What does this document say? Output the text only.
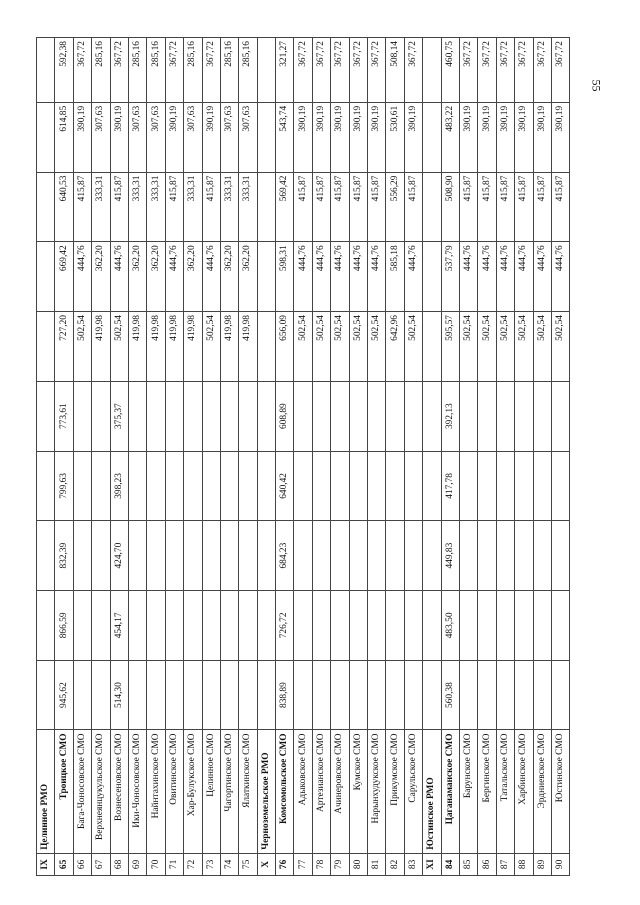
55
IX	Целинное РМО										
65	Троицкое СМО	945,62	866,59	832,39	799,63	773,61	727,20	669,42	640,53	614,85	592,38
66	Бага-Чоносовское СМО						502,54	444,76	415,87	390,19	367,72
67	Верхнеянцукульское СМО						419,98	362,20	333,31	307,63	285,16
68	Вознесеновское СМО	514,30	454,17	424,70	398,23	375,37	502,54	444,76	415,87	390,19	367,72
69	Ики-Чоносовское СМО						419,98	362,20	333,31	307,63	285,16
70	Найнтахинское СМО						419,98	362,20	333,31	307,63	285,16
71	Овитинское СМО						419,98	444,76	415,87	390,19	367,72
72	Хар-Булукское СМО						419,98	362,20	333,31	307,63	285,16
73	Целинное СМО						502,54	444,76	415,87	390,19	367,72
74	Чагортинское СМО						419,98	362,20	333,31	307,63	285,16
75	Ялаткинское СМО						419,98	362,20	333,31	307,63	285,16
X	Черноземельское РМО										
76	Комсомольское СМО	838,89	726,72	684,23	640,42	608,89	656,09	598,31	569,42	543,74	321,27
77	Адыковское СМО						502,54	444,76	415,87	390,19	367,72
78	Артезианское СМО						502,54	444,76	415,87	390,19	367,72
79	Ачинеровское СМО						502,54	444,76	415,87	390,19	367,72
80	Кумское СМО						502,54	444,76	415,87	390,19	367,72
81	Нарынхудукское СМО						502,54	444,76	415,87	390,19	367,72
82	Прикумское СМО						642,96	585,18	556,29	530,61	508,14
83	Сарульское СМО						502,54	444,76	415,87	390,19	367,72
XI	Юстинское РМО										
84	Цаганаманское СМО	560,38	483,50	449,83	417,78	392,13	595,57	537,79	508,90	483,22	460,75
85	Барунское СМО						502,54	444,76	415,87	390,19	367,72
86	Бергинское СМО						502,54	444,76	415,87	390,19	367,72
87	Татальское СМО						502,54	444,76	415,87	390,19	367,72
88	Харбинское СМО						502,54	444,76	415,87	390,19	367,72
89	Эрдниевское СМО						502,54	444,76	415,87	390,19	367,72
90	Юстинское СМО						502,54	444,76	415,87	390,19	367,72
